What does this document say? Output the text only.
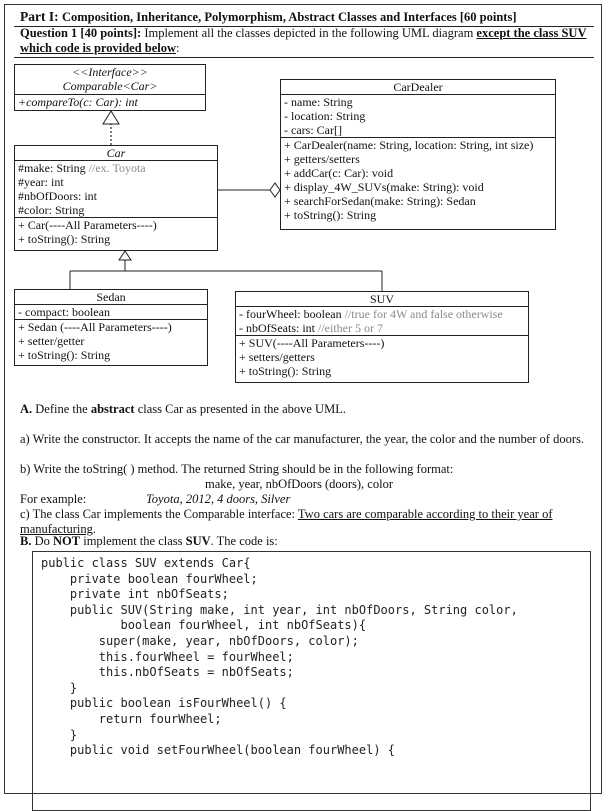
Part I: Composition, Inheritance, Polymorphism, Abstract Classes and Interfaces [60 points]
Question 1 [40 points]: Implement all the classes depicted in the following UML diagram except the class SUV which code is provided below:
<<Interface>>
Comparable<Car>
+compareTo(c: Car): int
Car
#make: String //ex. Toyota
#year: int
#nbOfDoors: int
#color: String
+ Car(----All Parameters----)
+ toString(): String
CarDealer
- name: String
- location: String
- cars: Car[]
+ CarDealer(name: String, location: String, int size)
+ getters/setters
+ addCar(c: Car): void
+ display_4W_SUVs(make: String): void
+ searchForSedan(make: String): Sedan
+ toString(): String
Sedan
- compact: boolean
+ Sedan (----All Parameters----)
+ setter/getter
+ toString(): String
SUV
- fourWheel: boolean //true for 4W and false otherwise
- nbOfSeats: int //either 5 or 7
+ SUV(----All Parameters----)
+ setters/getters
+ toString(): String
A. Define the abstract class Car as presented in the above UML.
a) Write the constructor. It accepts the name of the car manufacturer, the year, the color and the number of doors.
b) Write the toString( ) method. The returned String should be in the following format:
make, year, nbOfDoors (doors), color
For example:	Toyota, 2012, 4 doors, Silver
c) The class Car implements the Comparable interface: Two cars are comparable according to their year of manufacturing.
B. Do NOT implement the class SUV. The code is:
public class SUV extends Car{
private boolean fourWheel;
private int nbOfSeats;
public SUV(String make, int year, int nbOfDoors, String color,
boolean fourWheel, int nbOfSeats){
super(make, year, nbOfDoors, color);
this.fourWheel = fourWheel;
this.nbOfSeats = nbOfSeats;
}
public boolean isFourWheel() {
return fourWheel;
}
public void setFourWheel(boolean fourWheel) {
